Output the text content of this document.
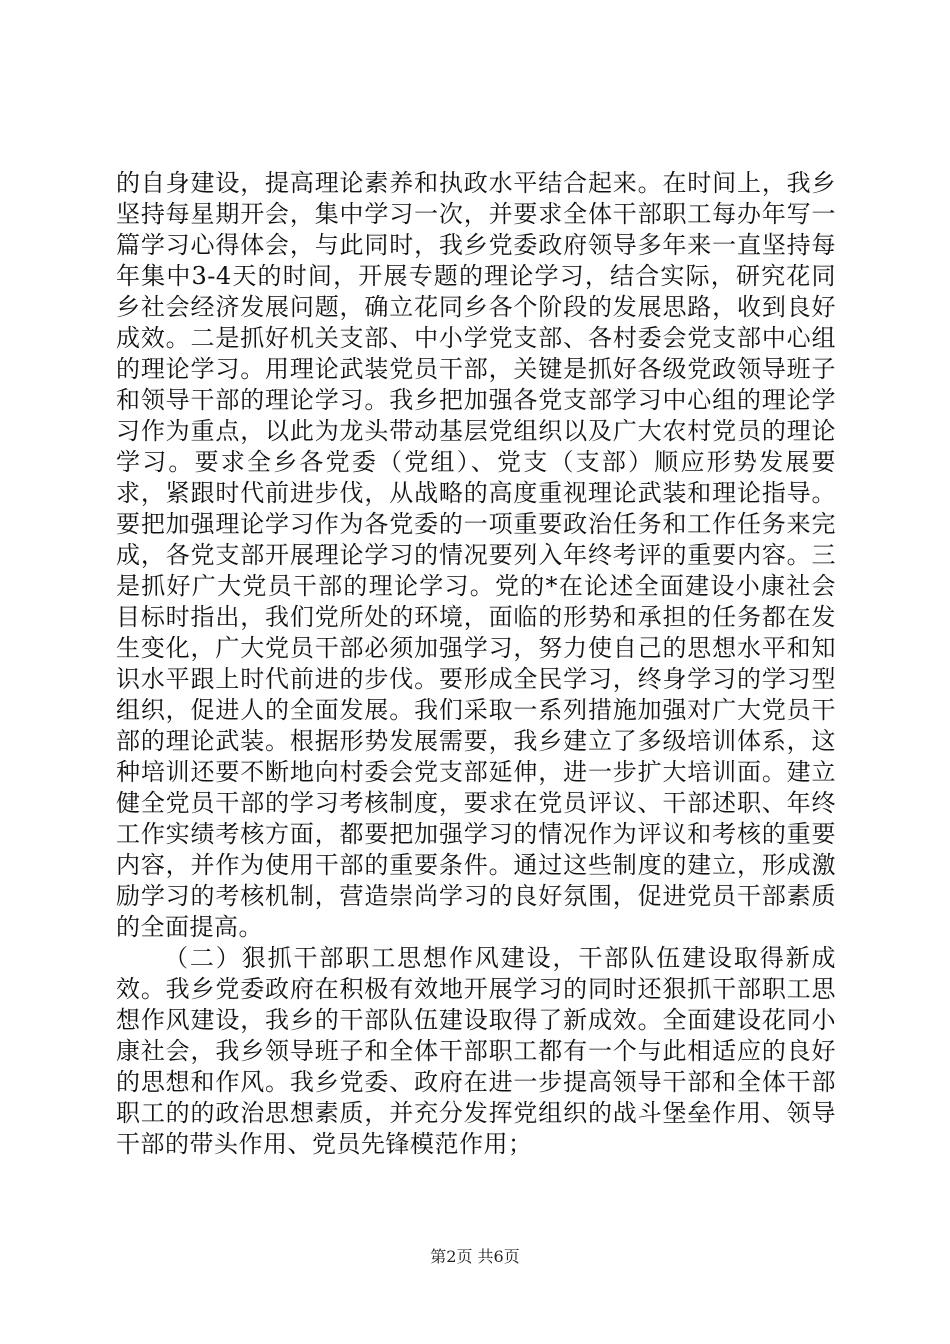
的自身建设，提高理论素养和执政水平结合起来。在时间上，我乡坚持每星期开会，集中学习一次，并要求全体干部职工每办年写一篇学习心得体会，与此同时，我乡党委政府领导多年来一直坚持每年集中3-4天的时间，开展专题的理论学习，结合实际，研究花同乡社会经济发展问题，确立花同乡各个阶段的发展思路，收到良好成效。二是抓好机关支部、中小学党支部、各村委会党支部中心组的理论学习。用理论武装党员干部，关键是抓好各级党政领导班子和领导干部的理论学习。我乡把加强各党支部学习中心组的理论学习作为重点，以此为龙头带动基层党组织以及广大农村党员的理论学习。要求全乡各党委（党组）、党支（支部）顺应形势发展要求，紧跟时代前进步伐，从战略的高度重视理论武装和理论指导。要把加强理论学习作为各党委的一项重要政治任务和工作任务来完成，各党支部开展理论学习的情况要列入年终考评的重要内容。三是抓好广大党员干部的理论学习。党的*在论述全面建设小康社会目标时指出，我们党所处的环境，面临的形势和承担的任务都在发生变化，广大党员干部必须加强学习，努力使自己的思想水平和知识水平跟上时代前进的步伐。要形成全民学习，终身学习的学习型组织，促进人的全面发展。我们采取一系列措施加强对广大党员干部的理论武装。根据形势发展需要，我乡建立了多级培训体系，这种培训还要不断地向村委会党支部延伸，进一步扩大培训面。建立健全党员干部的学习考核制度，要求在党员评议、干部述职、年终工作实绩考核方面，都要把加强学习的情况作为评议和考核的重要内容，并作为使用干部的重要条件。通过这些制度的建立，形成激励学习的考核机制，营造崇尚学习的良好氛围，促进党员干部素质的全面提高。

（二）狠抓干部职工思想作风建设，干部队伍建设取得新成效。我乡党委政府在积极有效地开展学习的同时还狠抓干部职工思想作风建设，我乡的干部队伍建设取得了新成效。全面建设花同小康社会，我乡领导班子和全体干部职工都有一个与此相适应的良好的思想和作风。我乡党委、政府在进一步提高领导干部和全体干部职工的的政治思想素质，并充分发挥党组织的战斗堡垒作用、领导干部的带头作用、党员先锋模范作用；

第2页 共6页
